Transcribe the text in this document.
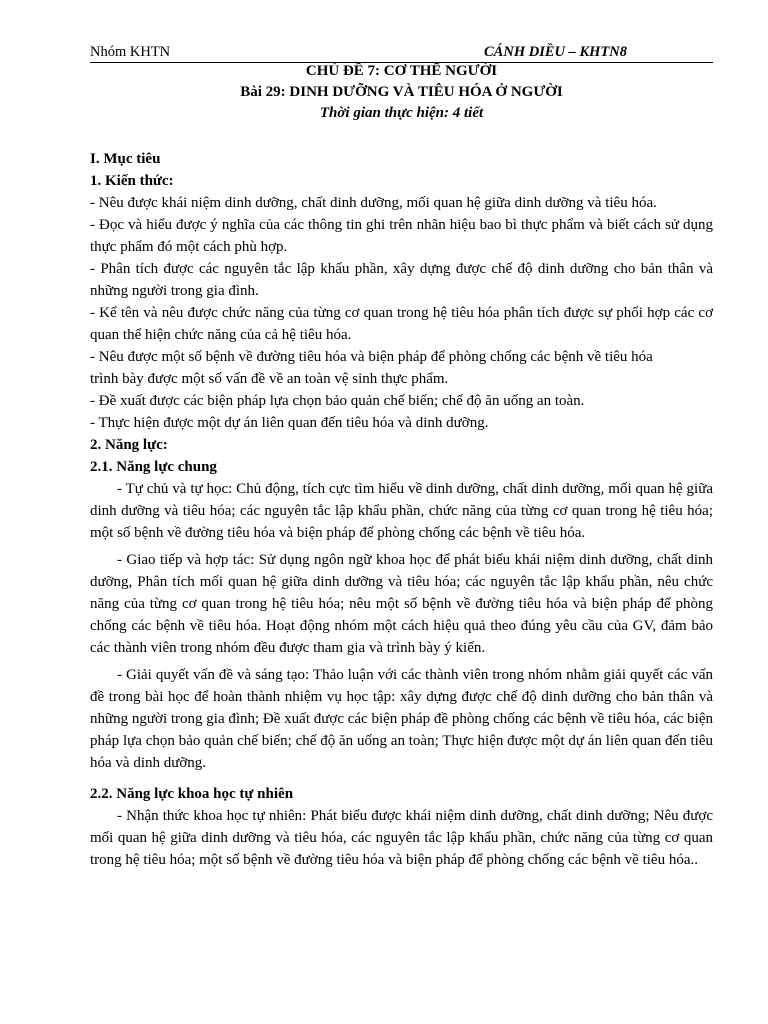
Nhóm KHTN	CÁNH DIỀU – KHTN8
CHỦ ĐỀ 7: CƠ THỂ NGƯỜI
Bài 29: DINH DƯỠNG VÀ TIÊU HÓA Ở NGƯỜI
Thời gian thực hiện: 4 tiết
I. Mục tiêu
1. Kiến thức:

- Nêu được khái niệm dinh dưỡng, chất dinh dưỡng, mối quan hệ giữa dinh dưỡng và tiêu hóa.

- Đọc và hiểu được ý nghĩa của các thông tin ghi trên nhãn hiệu bao bì thực phẩm và biết cách sử dụng thực phẩm đó một cách phù hợp.

- Phân tích được các nguyên tắc lập khẩu phần, xây dựng được chế độ dinh dưỡng cho bản thân và những người trong gia đình.

- Kể tên và nêu được chức năng của từng cơ quan trong hệ tiêu hóa phân tích được sự phối hợp các cơ quan thể hiện chức năng của cả hệ tiêu hóa.

- Nêu được một số bệnh về đường tiêu hóa và biện pháp để phòng chống các bệnh về tiêu hóa

trình bày được một số vấn đề về an toàn vệ sinh thực phẩm.

- Đề xuất được các biện pháp lựa chọn bảo quản chế biến; chế độ ăn uống an toàn.

- Thực hiện được một dự án liên quan đến tiêu hóa và dinh dưỡng.

2. Năng lực:
2.1. Năng lực chung

- Tự chủ và tự học: Chủ động, tích cực tìm hiểu về dinh dưỡng, chất dinh dưỡng, mối quan hệ giữa dinh dưỡng và tiêu hóa; các nguyên tắc lập khẩu phần, chức năng của từng cơ quan trong hệ tiêu hóa; một số bệnh về đường tiêu hóa và biện pháp để phòng chống các bệnh về tiêu hóa.

- Giao tiếp và hợp tác: Sử dụng ngôn ngữ khoa học để phát biểu khái niệm dinh dưỡng, chất dinh dưỡng, Phân tích mối quan hệ giữa dinh dưỡng và tiêu hóa; các nguyên tắc lập khẩu phần, nêu chức năng của từng cơ quan trong hệ tiêu hóa; nêu một số bệnh về đường tiêu hóa và biện pháp để phòng chống các bệnh về tiêu hóa. Hoạt động nhóm một cách hiệu quả theo đúng yêu cầu của GV, đảm bảo các thành viên trong nhóm đều được tham gia và trình bày ý kiến.

- Giải quyết vấn đề và sáng tạo: Thảo luận với các thành viên trong nhóm nhằm giải quyết các vấn đề trong bài học để hoàn thành nhiệm vụ học tập: xây dựng được chế độ dinh dưỡng cho bản thân và những người trong gia đình; Đề xuất được các biện pháp đề phòng chống các bệnh về tiêu hóa, các biện pháp lựa chọn bảo quản chế biến; chế độ ăn uống an toàn; Thực hiện được một dự án liên quan đến tiêu hóa và dinh dưỡng.

2.2. Năng lực khoa học tự nhiên

- Nhận thức khoa học tự nhiên: Phát biểu được khái niệm dinh dưỡng, chất dinh dưỡng; Nêu được mối quan hệ giữa dinh dưỡng và tiêu hóa, các nguyên tắc lập khẩu phần, chức năng của từng cơ quan trong hệ tiêu hóa; một số bệnh về đường tiêu hóa và biện pháp để phòng chống các bệnh về tiêu hóa..
